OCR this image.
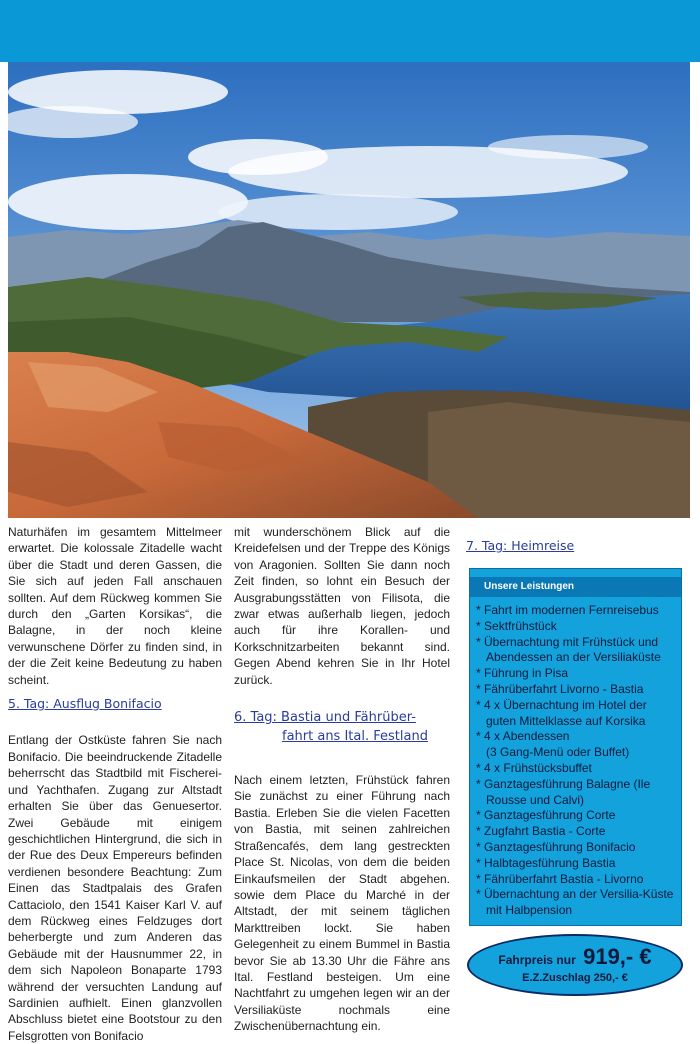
Naturhäfen im gesamtem Mittelmeer erwartet. Die kolossale Zitadelle wacht über die Stadt und deren Gassen, die Sie sich auf jeden Fall anschauen sollten. Auf dem Rückweg kommen Sie durch den „Garten Korsikas“, die Balagne, in der noch kleine verwunschene Dörfer zu finden sind, in der die Zeit keine Bedeutung zu haben scheint.

5. Tag: Ausflug Bonifacio

Entlang der Ostküste fahren Sie nach Bonifacio. Die beeindruckende Zitadelle beherrscht das Stadtbild mit Fischerei- und Yachthafen. Zugang zur Altstadt erhalten Sie über das Genuesertor. Zwei Gebäude mit einigem geschichtlichen Hintergrund, die sich in der Rue des Deux Empereurs befinden verdienen besondere Beachtung: Zum Einen das Stadtpalais des Grafen Cattaciolo, den 1541 Kaiser Karl V. auf dem Rückweg eines Feldzuges dort beherbergte und zum Anderen das Gebäude mit der Hausnummer 22, in dem sich Napoleon Bonaparte 1793 während der versuchten Landung auf Sardinien aufhielt. Einen glanzvollen Abschluss bietet eine Bootstour zu den Felsgrotten von Bonifacio

mit wunderschönem Blick auf die Kreidefelsen und der Treppe des Königs von Aragonien. Sollten Sie dann noch Zeit finden, so lohnt ein Besuch der Ausgrabungsstätten von Filisota, die zwar etwas außerhalb liegen, jedoch auch für ihre Korallen- und Korkschnitzarbeiten bekannt sind. Gegen Abend kehren Sie in Ihr Hotel zurück.

6. Tag: Bastia und Fährüber-
fahrt ans Ital. Festland

Nach einem letzten, Frühstück fahren Sie zunächst zu einer Führung nach Bastia. Erleben Sie die vielen Facetten von Bastia, mit seinen zahlreichen Straßencafés, dem lang gestreckten Place St. Nicolas, von dem die beiden Einkaufsmeilen der Stadt abgehen. sowie dem Place du Marché in der Altstadt, der mit seinem täglichen Markttreiben lockt. Sie haben Gelegenheit zu einem Bummel in Bastia bevor Sie ab 13.30 Uhr die Fähre ans Ital. Festland besteigen. Um eine Nachtfahrt zu umgehen legen wir an der Versiliaküste nochmals eine Zwischenübernachtung ein.

7. Tag: Heimreise
Unsere Leistungen
* Fahrt im modernen Fernreisebus
* Sektfrühstück
* Übernachtung mit Frühstück und Abendessen an der Versiliaküste
* Führung in Pisa
* Fährüberfahrt Livorno - Bastia
* 4 x Übernachtung im Hotel der guten Mittelklasse auf Korsika
* 4 x Abendessen
(3 Gang-Menü oder Buffet)
* 4 x Frühstücksbuffet
* Ganztagesführung Balagne (Ile Rousse und Calvi)
* Ganztagesführung Corte
* Zugfahrt Bastia - Corte
* Ganztagesführung Bonifacio
* Halbtagesführung Bastia
* Fährüberfahrt Bastia - Livorno
* Übernachtung an der Versilia-Küste mit Halbpension
Fahrpreis nur 919,- €
E.Z.Zuschlag 250,- €
